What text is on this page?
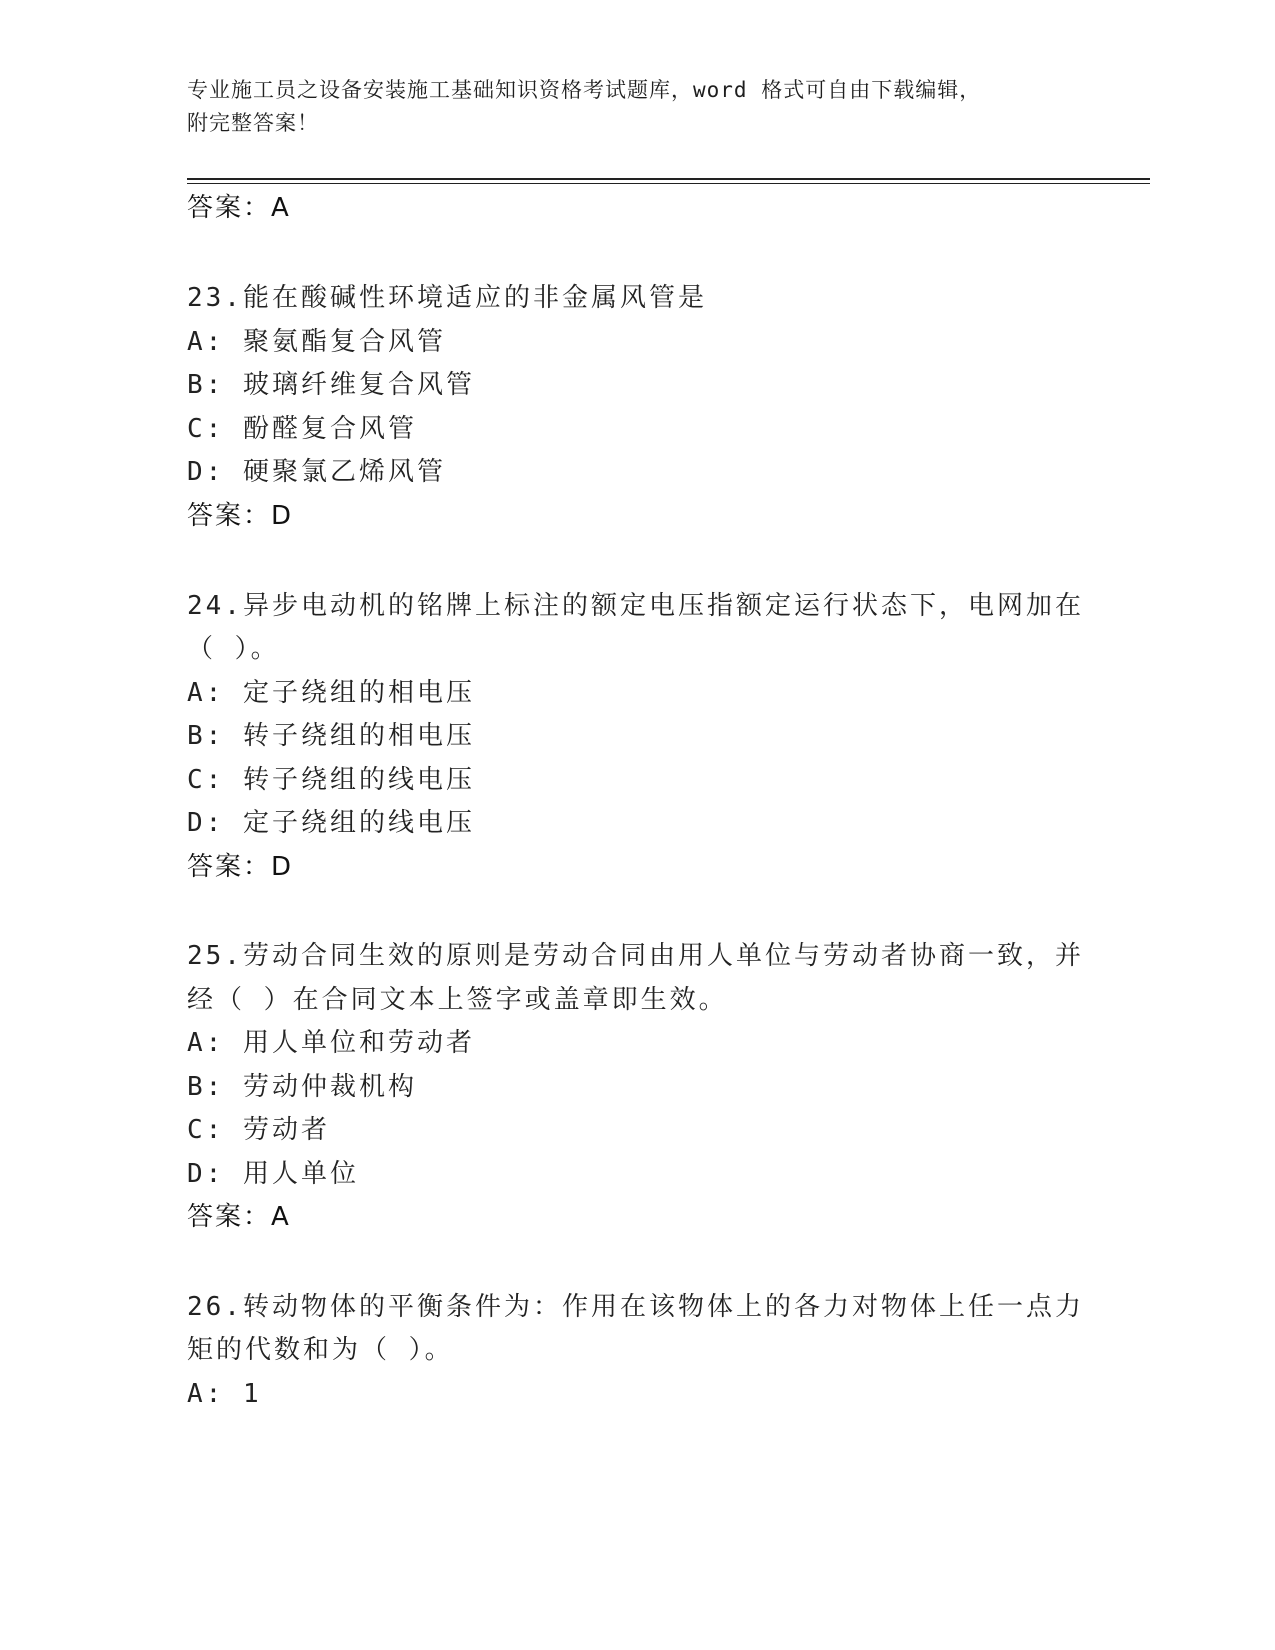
专业施工员之设备安装施工基础知识资格考试题库，word 格式可自由下载编辑，
附完整答案！
答案：A
23.能在酸碱性环境适应的非金属风管是
A: 聚氨酯复合风管
B: 玻璃纤维复合风管
C: 酚醛复合风管
D: 硬聚氯乙烯风管
答案：D
24.异步电动机的铭牌上标注的额定电压指额定运行状态下，电网加在
（ ）。
A: 定子绕组的相电压
B: 转子绕组的相电压
C: 转子绕组的线电压
D: 定子绕组的线电压
答案：D
25.劳动合同生效的原则是劳动合同由用人单位与劳动者协商一致，并
经（ ）在合同文本上签字或盖章即生效。
A: 用人单位和劳动者
B: 劳动仲裁机构
C: 劳动者
D: 用人单位
答案：A
26.转动物体的平衡条件为：作用在该物体上的各力对物体上任一点力
矩的代数和为（ ）。
A: 1
